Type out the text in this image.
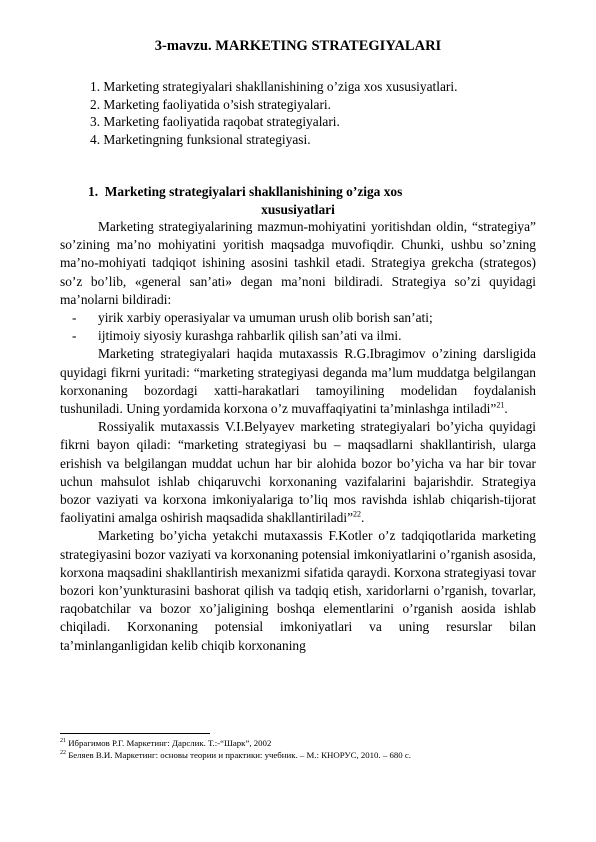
3-mavzu. MARKETING STRATEGIYALARI
1. Marketing strategiyalari shakllanishining o’ziga xos xususiyatlari.
2. Marketing faoliyatida o’sish strategiyalari.
3. Marketing faoliyatida raqobat strategiyalari.
4. Marketingning funksional strategiyasi.
1. Marketing strategiyalari shakllanishining o’ziga xos
xususiyatlari

Marketing strategiyalarining mazmun-mohiyatini yoritishdan oldin, “strategiya” so’zining ma’no mohiyatini yoritish maqsadga muvofiqdir. Chunki, ushbu so’zning ma’no-mohiyati tadqiqot ishining asosini tashkil etadi. Strategiya grekcha (strategos) so’z bo’lib, «general san’ati» degan ma’noni bildiradi. Strategiya so’zi quyidagi ma’nolarni bildiradi:

- yirik xarbiy operasiyalar va umuman urush olib borish san’ati;
- ijtimoiy siyosiy kurashga rahbarlik qilish san’ati va ilmi.

Marketing strategiyalari haqida mutaxassis R.G.Ibragimov o’zining darsligida quyidagi fikrni yuritadi: “marketing strategiyasi deganda ma’lum muddatga belgilangan korxonaning bozordagi xatti-harakatlari tamoyilining modelidan foydalanish tushuniladi. Uning yordamida korxona o’z muvaffaqiyatini ta’minlashga intiladi”$^{21}$.

Rossiyalik mutaxassis V.I.Belyayev marketing strategiyalari bo’yicha quyidagi fikrni bayon qiladi: “marketing strategiyasi bu – maqsadlarni shakllantirish, ularga erishish va belgilangan muddat uchun har bir alohida bozor bo’yicha va har bir tovar uchun mahsulot ishlab chiqaruvchi korxonaning vazifalarini bajarishdir. Strategiya bozor vaziyati va korxona imkoniyalariga to’liq mos ravishda ishlab chiqarish-tijorat faoliyatini amalga oshirish maqsadida shakllantiriladi”$^{22}$.

Marketing bo’yicha yetakchi mutaxassis F.Kotler o’z tadqiqotlarida marketing strategiyasini bozor vaziyati va korxonaning potensial imkoniyatlarini o’rganish asosida, korxona maqsadini shakllantirish mexanizmi sifatida qaraydi. Korxona strategiyasi tovar bozori kon’yunkturasini bashorat qilish va tadqiq etish, xaridorlarni o’rganish, tovarlar, raqobatchilar va bozor xo’jaligining boshqa elementlarini o’rganish aosida ishlab chiqiladi. Korxonaning potensial imkoniyatlari va uning resurslar bilan ta’minlanganligidan kelib chiqib korxonaning

$^{21}$ Ибрагимов Р.Г. Маркетинг: Дарслик. Т.:-“Шарк”, 2002
$^{22}$ Беляев В.И. Маркетинг: основы теории и практики: учебник. – М.: КНОРУС, 2010. – 680 с.
